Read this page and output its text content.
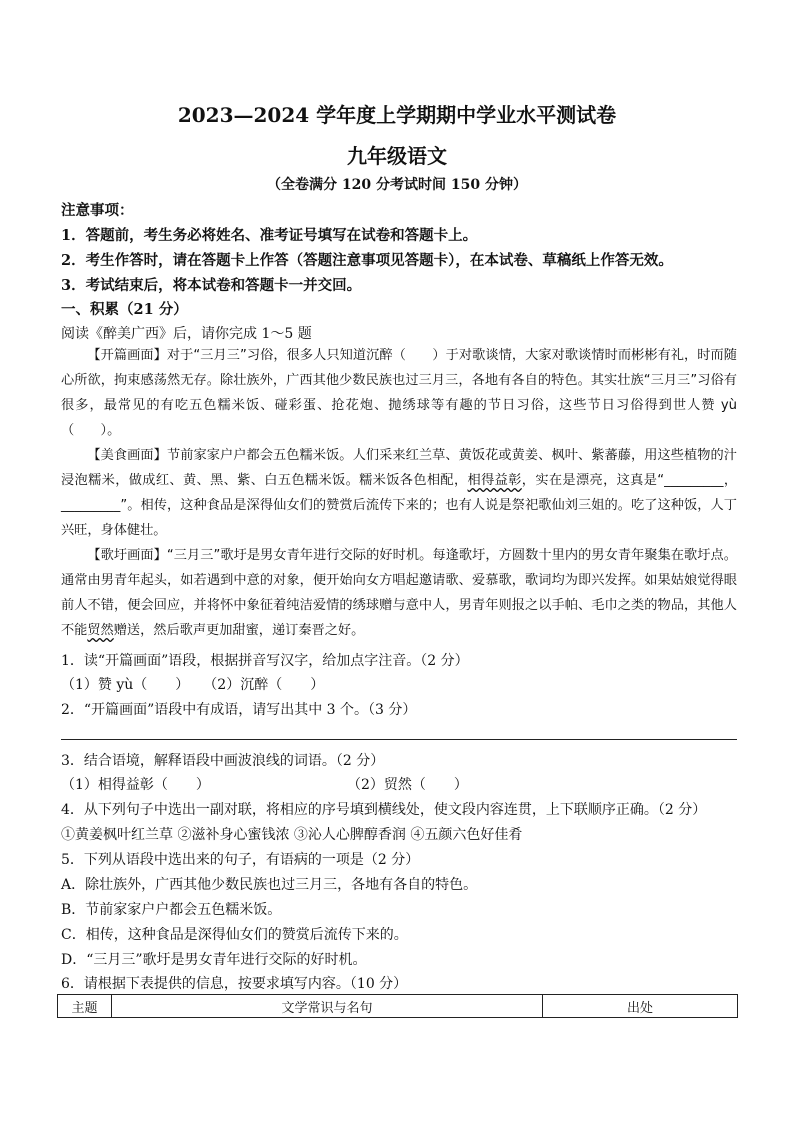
2023—2024 学年度上学期期中学业水平测试卷
九年级语文
（全卷满分 120 分考试时间 150 分钟）
注意事项：
1．答题前，考生务必将姓名、准考证号填写在试卷和答题卡上。
2．考生作答时，请在答题卡上作答（答题注意事项见答题卡），在本试卷、草稿纸上作答无效。
3．考试结束后，将本试卷和答题卡一并交回。
一、积累（21 分）
阅读《醉美广西》后，请你完成 1～5 题

【开篇画面】对于“三月三”习俗，很多人只知道沉醉（　　）于对歌谈情，大家对歌谈情时而彬彬有礼，时而随心所欲，拘束感荡然无存。除壮族外，广西其他少数民族也过三月三，各地有各自的特色。其实壮族“三月三”习俗有很多，最常见的有吃五色糯米饭、碰彩蛋、抢花炮、抛绣球等有趣的节日习俗，这些节日习俗得到世人赞 yù（　　）。

【美食画面】节前家家户户都会五色糯米饭。人们采来红兰草、黄饭花或黄姜、枫叶、紫蕃藤，用这些植物的汁浸泡糯米，做成红、黄、黑、紫、白五色糯米饭。糯米饭各色相配，相得益彰，实在是漂亮，这真是“_________，_________”。相传，这种食品是深得仙女们的赞赏后流传下来的；也有人说是祭祀歌仙刘三姐的。吃了这种饭，人丁兴旺，身体健壮。

【歌圩画面】“三月三”歌圩是男女青年进行交际的好时机。每逢歌圩，方圆数十里内的男女青年聚集在歌圩点。通常由男青年起头，如若遇到中意的对象，便开始向女方唱起邀请歌、爱慕歌，歌词均为即兴发挥。如果姑娘觉得眼前人不错，便会回应，并将怀中象征着纯洁爱情的绣球赠与意中人，男青年则报之以手帕、毛巾之类的物品，其他人不能贸然赠送，然后歌声更加甜蜜，递订秦晋之好。

1．读“开篇画面”语段，根据拼音写汉字，给加点字注音。（2 分）
（1）赞 yù（　　）　　（2）沉醉（　　）
2．“开篇画面”语段中有成语，请写出其中 3 个。（3 分）
3．结合语境，解释语段中画波浪线的词语。（2 分）
（1）相得益彰（　　）	（2）贸然（　　）
4．从下列句子中选出一副对联，将相应的序号填到横线处，使文段内容连贯，上下联顺序正确。（2 分）
①黄姜枫叶红兰草 ②滋补身心蜜钱浓 ③沁人心脾醇香润 ④五颜六色好佳肴
5．下列从语段中选出来的句子，有语病的一项是（2 分）
A．除壮族外，广西其他少数民族也过三月三，各地有各自的特色。
B．节前家家户户都会五色糯米饭。
C．相传，这种食品是深得仙女们的赞赏后流传下来的。
D．“三月三”歌圩是男女青年进行交际的好时机。
6．请根据下表提供的信息，按要求填写内容。（10 分）
主题	文学常识与名句	出处
